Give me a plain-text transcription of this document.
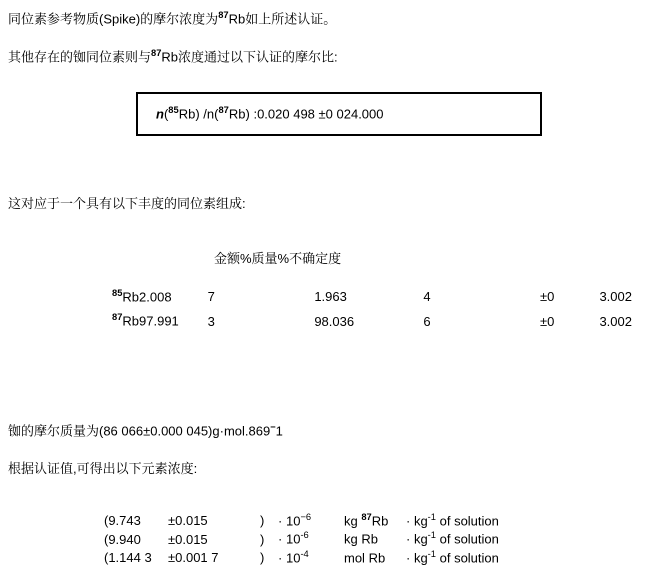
同位素参考物质(Spike)的摩尔浓度为$^{87}$Rb如上所述认证。
其他存在的铷同位素则与$^{87}$Rb浓度通过以下认证的摩尔比:
n($^{85}$Rb) /n($^{87}$Rb) :0.020 498 ±0 024.000
这对应于一个具有以下丰度的同位素组成:
金额%质量%不确定度
$^{85}$Rb2.008	7	1.963	4	±0	3.002
$^{87}$Rb97.991	3	98.036	6	±0	3.002
铷的摩尔质量为(86 066±0.000 045)g·mol.869−1
根据认证值,可得出以下元素浓度:
(9.743	±0.015	)	· $10^{-6}$	kg $^{87}$Rb	· $kg^{-1}$ of solution
(9.940	±0.015	)	· $10^{-6}$	kg Rb	· $kg^{-1}$ of solution
(1.144 3	±0.001 7	)	· $10^{-4}$	mol Rb	· $kg^{-1}$ of solution
